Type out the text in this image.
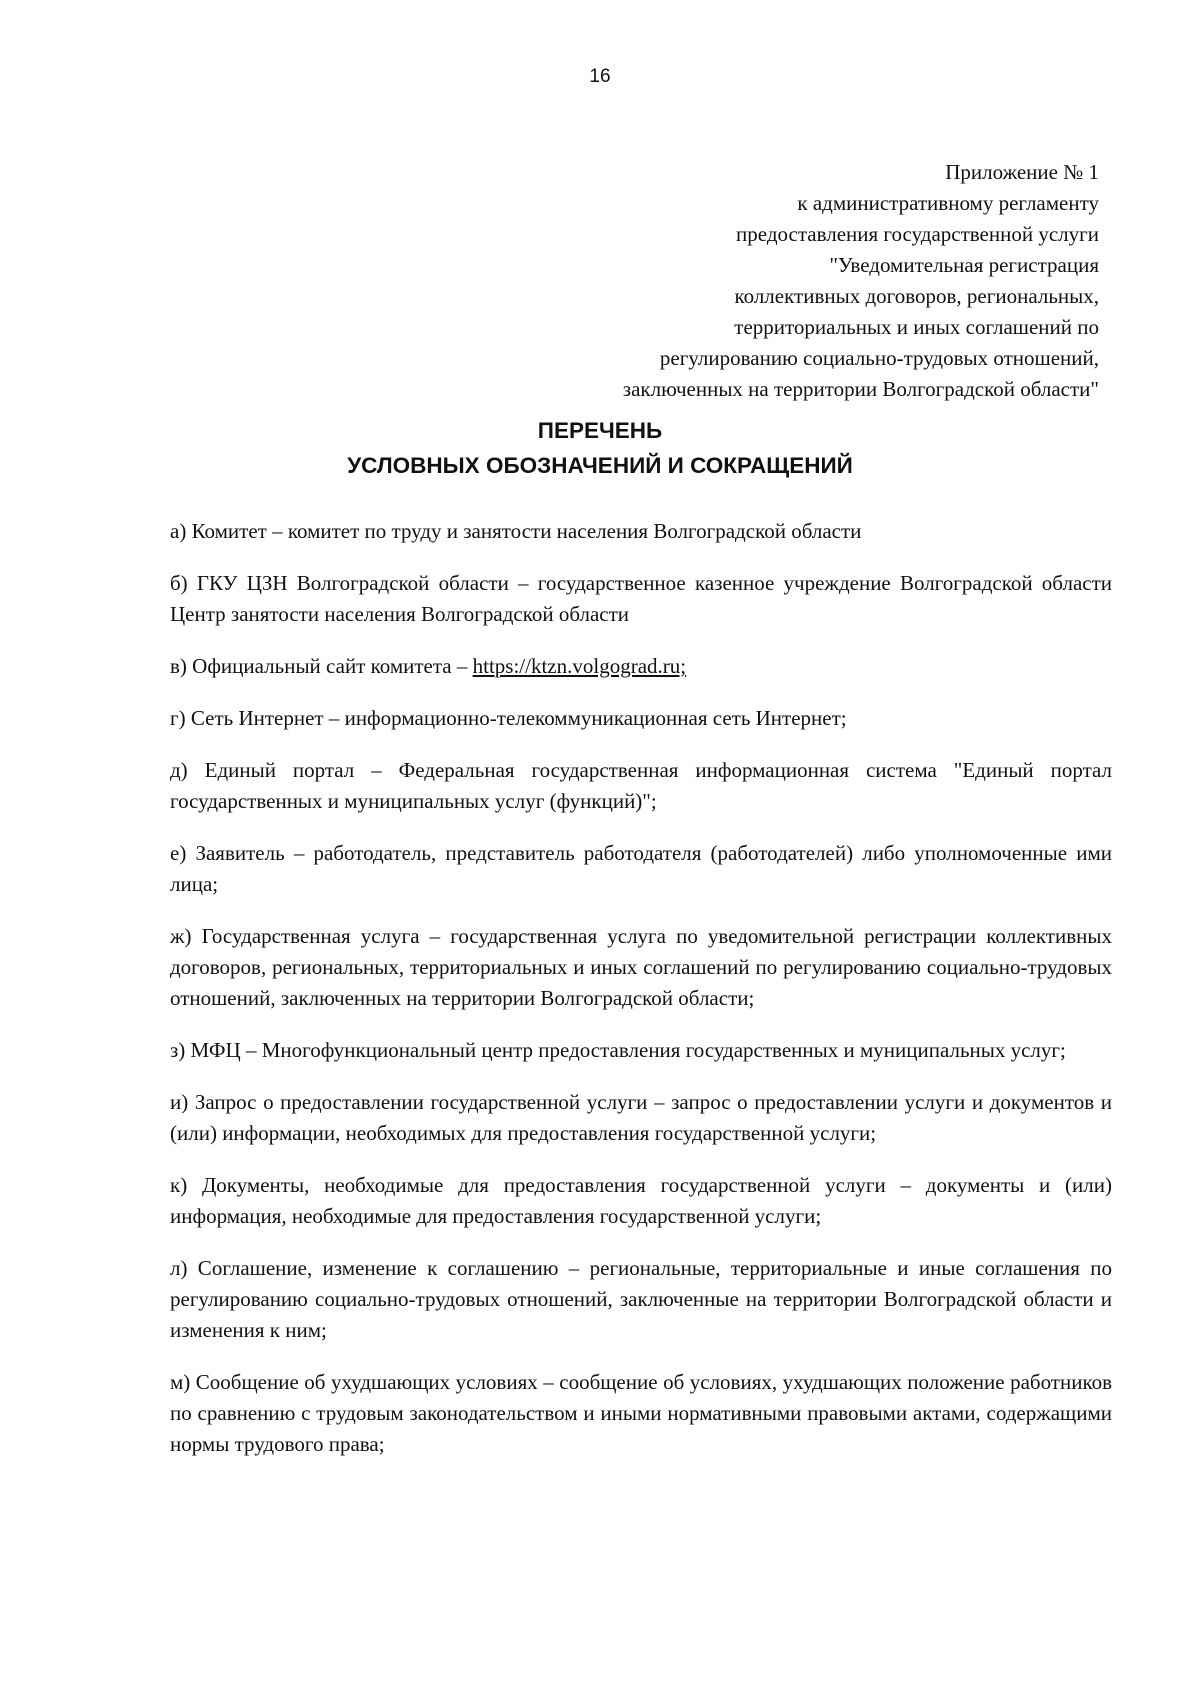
16
Приложение № 1
к административному регламенту
предоставления государственной услуги
"Уведомительная регистрация
коллективных договоров, региональных,
территориальных и иных соглашений по
регулированию социально-трудовых отношений,
заключенных на территории Волгоградской области"
ПЕРЕЧЕНЬ
УСЛОВНЫХ ОБОЗНАЧЕНИЙ И СОКРАЩЕНИЙ

а) Комитет – комитет по труду и занятости населения Волгоградской области

б) ГКУ ЦЗН Волгоградской области – государственное казенное учреждение Волгоградской области Центр занятости населения Волгоградской области

в) Официальный сайт комитета – https://ktzn.volgograd.ru;

г) Сеть Интернет – информационно-телекоммуникационная сеть Интернет;

д) Единый портал – Федеральная государственная информационная система "Единый портал государственных и муниципальных услуг (функций)";

е) Заявитель – работодатель, представитель работодателя (работодателей) либо уполномоченные ими лица;

ж) Государственная услуга – государственная услуга по уведомительной регистрации коллективных договоров, региональных, территориальных и иных соглашений по регулированию социально-трудовых отношений, заключенных на территории Волгоградской области;

з) МФЦ – Многофункциональный центр предоставления государственных и муниципальных услуг;

и) Запрос о предоставлении государственной услуги – запрос о предоставлении услуги и документов и (или) информации, необходимых для предоставления государственной услуги;

к) Документы, необходимые для предоставления государственной услуги – документы и (или) информация, необходимые для предоставления государственной услуги;

л) Соглашение, изменение к соглашению – региональные, территориальные и иные соглашения по регулированию социально-трудовых отношений, заключенные на территории Волгоградской области и изменения к ним;

м) Сообщение об ухудшающих условиях – сообщение об условиях, ухудшающих положение работников по сравнению с трудовым законодательством и иными нормативными правовыми актами, содержащими нормы трудового права;
